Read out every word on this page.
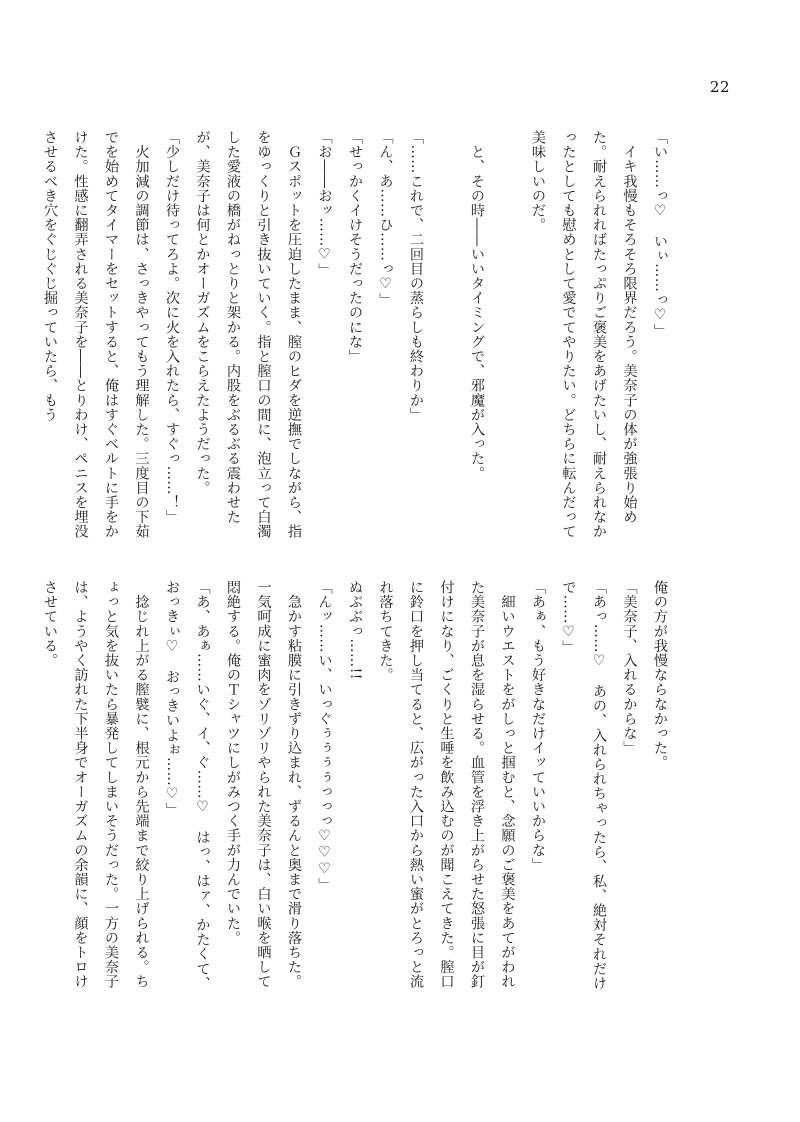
22

「い……っ♡　いぃ……っ♡」

　イキ我慢もそろそろ限界だろう。美奈子の体が強張り始めた。耐えられればたっぷりご褒美をあげたいし、耐えられなかったとしても慰めとして愛でてやりたい。どちらに転んだって美味しいのだ。

　と、その時――いいタイミングで、邪魔が入った。

「……これで、二回目の蒸らしも終わりか」

「ん、あ……ひ……っ♡」

「せっかくイけそうだったのにな」

「お――おッ……♡」

　Ｇスポットを圧迫したまま、膣のヒダを逆撫でしながら、指をゆっくりと引き抜いていく。指と膣口の間に、泡立って白濁した愛液の橋がねっとりと架かる。内股をぶるぶる震わせたが、美奈子は何とかオーガズムをこらえたようだった。

「少しだけ待ってろよ。次に火を入れたら、すぐっ……！」

　火加減の調節は、さっきやってもう理解した。三度目の下茹でを始めてタイマーをセットすると、俺はすぐベルトに手をかけた。性感に翻弄される美奈子を――とりわけ、ペニスを埋没させるべき穴をぐじぐじ掘っていたら、もう

俺の方が我慢ならなかった。

「美奈子、入れるからな」

「あっ……♡　あの、入れられちゃったら、私、絶対それだけで……♡」

「あぁ、もう好きなだけイッていいからな」

　細いウエストをがしっと掴むと、念願のご褒美をあてがわれた美奈子が息を湿らせる。血管を浮き上がらせた怒張に目が釘付けになり、ごくりと生唾を飲み込むのが聞こえてきた。膣口に鈴口を押し当てると、広がった入口から熱い蜜がとろっと流れ落ちてきた。

ぬぶぶっ……!!

「んッ……い、いっぐぅぅぅぅっっっ♡♡♡」

　急かす粘膜に引きずり込まれ、ずるんと奥まで滑り落ちた。一気呵成に蜜肉をゾリゾリやられた美奈子は、白い喉を晒して悶絶する。俺のＴシャツにしがみつく手が力んでいた。

「あ、あぁ……いぐ、イ、ぐ……♡　はっ、はァ、かたくて、おっきぃ♡　おっきいよぉ……♡」

　捻じれ上がる膣襞に、根元から先端まで絞り上げられる。ちょっと気を抜いたら暴発してしまいそうだった。一方の美奈子は、ようやく訪れた下半身でオーガズムの余韻に、顔をトロけさせている。
